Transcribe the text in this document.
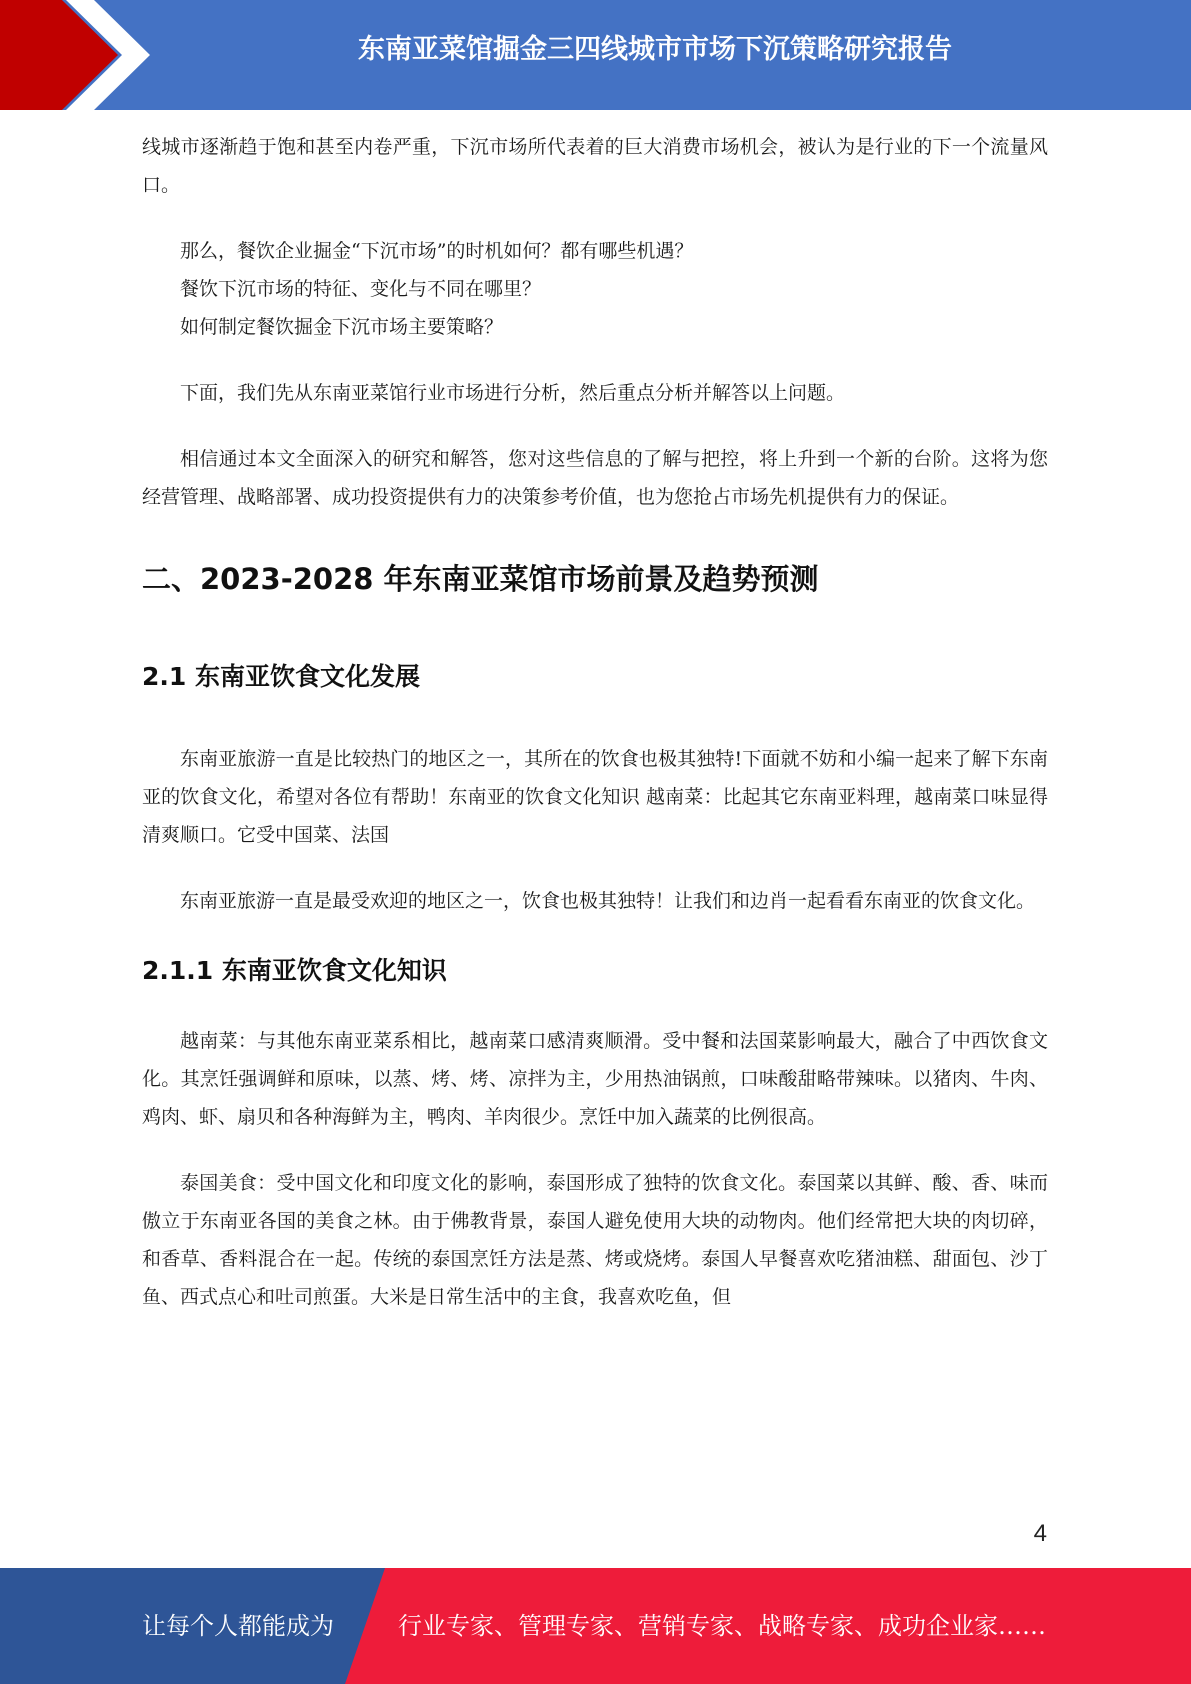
东南亚菜馆掘金三四线城市市场下沉策略研究报告

线城市逐渐趋于饱和甚至内卷严重，下沉市场所代表着的巨大消费市场机会，被认为是行业的下一个流量风口。

那么，餐饮企业掘金“下沉市场”的时机如何？都有哪些机遇？

餐饮下沉市场的特征、变化与不同在哪里？

如何制定餐饮掘金下沉市场主要策略？

下面，我们先从东南亚菜馆行业市场进行分析，然后重点分析并解答以上问题。

相信通过本文全面深入的研究和解答，您对这些信息的了解与把控，将上升到一个新的台阶。这将为您经营管理、战略部署、成功投资提供有力的决策参考价值，也为您抢占市场先机提供有力的保证。

二、2023-2028 年东南亚菜馆市场前景及趋势预测
2.1 东南亚饮食文化发展

东南亚旅游一直是比较热门的地区之一，其所在的饮食也极其独特!下面就不妨和小编一起来了解下东南亚的饮食文化，希望对各位有帮助！东南亚的饮食文化知识 越南菜：比起其它东南亚料理，越南菜口味显得清爽顺口。它受中国菜、法国

东南亚旅游一直是最受欢迎的地区之一，饮食也极其独特！让我们和边肖一起看看东南亚的饮食文化。

2.1.1 东南亚饮食文化知识

越南菜：与其他东南亚菜系相比，越南菜口感清爽顺滑。受中餐和法国菜影响最大，融合了中西饮食文化。其烹饪强调鲜和原味，以蒸、烤、烤、凉拌为主，少用热油锅煎，口味酸甜略带辣味。以猪肉、牛肉、鸡肉、虾、扇贝和各种海鲜为主，鸭肉、羊肉很少。烹饪中加入蔬菜的比例很高。

泰国美食：受中国文化和印度文化的影响，泰国形成了独特的饮食文化。泰国菜以其鲜、酸、香、味而傲立于东南亚各国的美食之林。由于佛教背景，泰国人避免使用大块的动物肉。他们经常把大块的肉切碎，和香草、香料混合在一起。传统的泰国烹饪方法是蒸、烤或烧烤。泰国人早餐喜欢吃猪油糕、甜面包、沙丁鱼、西式点心和吐司煎蛋。大米是日常生活中的主食，我喜欢吃鱼，但

4
让每个人都能成为	行业专家、管理专家、营销专家、战略专家、成功企业家……
